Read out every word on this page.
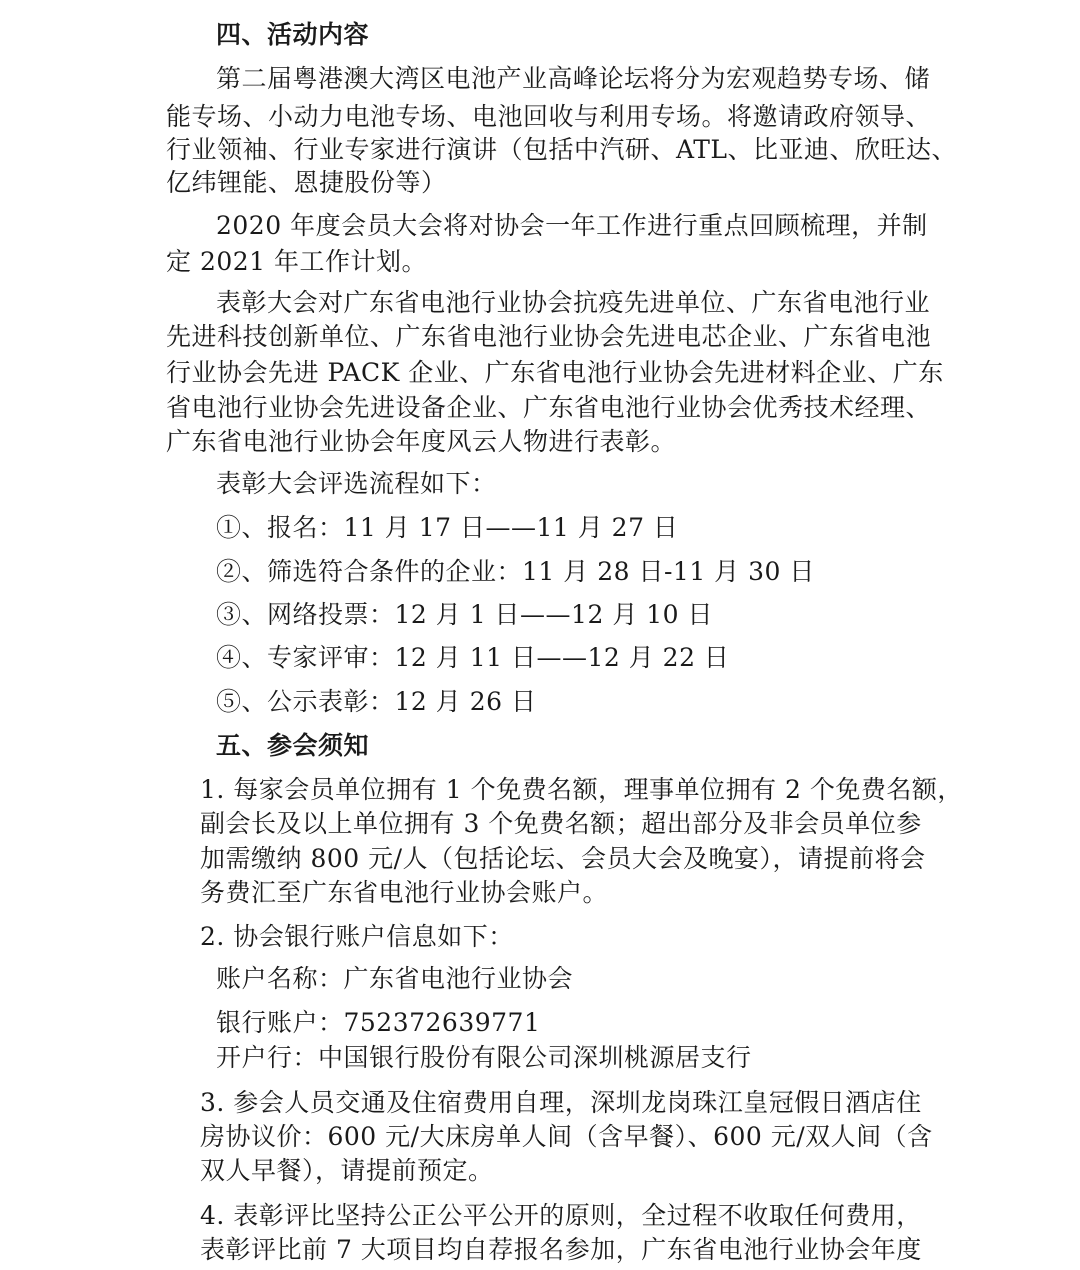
四、活动内容
第二届粤港澳大湾区电池产业高峰论坛将分为宏观趋势专场、储
能专场、小动力电池专场、电池回收与利用专场。将邀请政府领导、
行业领袖、行业专家进行演讲（包括中汽研、ATL、比亚迪、欣旺达、
亿纬锂能、恩捷股份等）
2020 年度会员大会将对协会一年工作进行重点回顾梳理，并制
定 2021 年工作计划。
表彰大会对广东省电池行业协会抗疫先进单位、广东省电池行业
先进科技创新单位、广东省电池行业协会先进电芯企业、广东省电池
行业协会先进 PACK 企业、广东省电池行业协会先进材料企业、广东
省电池行业协会先进设备企业、广东省电池行业协会优秀技术经理、
广东省电池行业协会年度风云人物进行表彰。
表彰大会评选流程如下：
①、报名：11 月 17 日——11 月 27 日
②、筛选符合条件的企业：11 月 28 日-11 月 30 日
③、网络投票：12 月 1 日——12 月 10 日
④、专家评审：12 月 11 日——12 月 22 日
⑤、公示表彰：12 月 26 日
五、参会须知
1. 每家会员单位拥有 1 个免费名额，理事单位拥有 2 个免费名额，
副会长及以上单位拥有 3 个免费名额；超出部分及非会员单位参
加需缴纳 800 元/人（包括论坛、会员大会及晚宴），请提前将会
务费汇至广东省电池行业协会账户。
2. 协会银行账户信息如下：
账户名称：广东省电池行业协会
银行账户：752372639771
开户行：中国银行股份有限公司深圳桃源居支行
3. 参会人员交通及住宿费用自理，深圳龙岗珠江皇冠假日酒店住
房协议价：600 元/大床房单人间（含早餐）、600 元/双人间（含
双人早餐），请提前预定。
4. 表彰评比坚持公正公平公开的原则，全过程不收取任何费用，
表彰评比前 7 大项目均自荐报名参加，广东省电池行业协会年度
